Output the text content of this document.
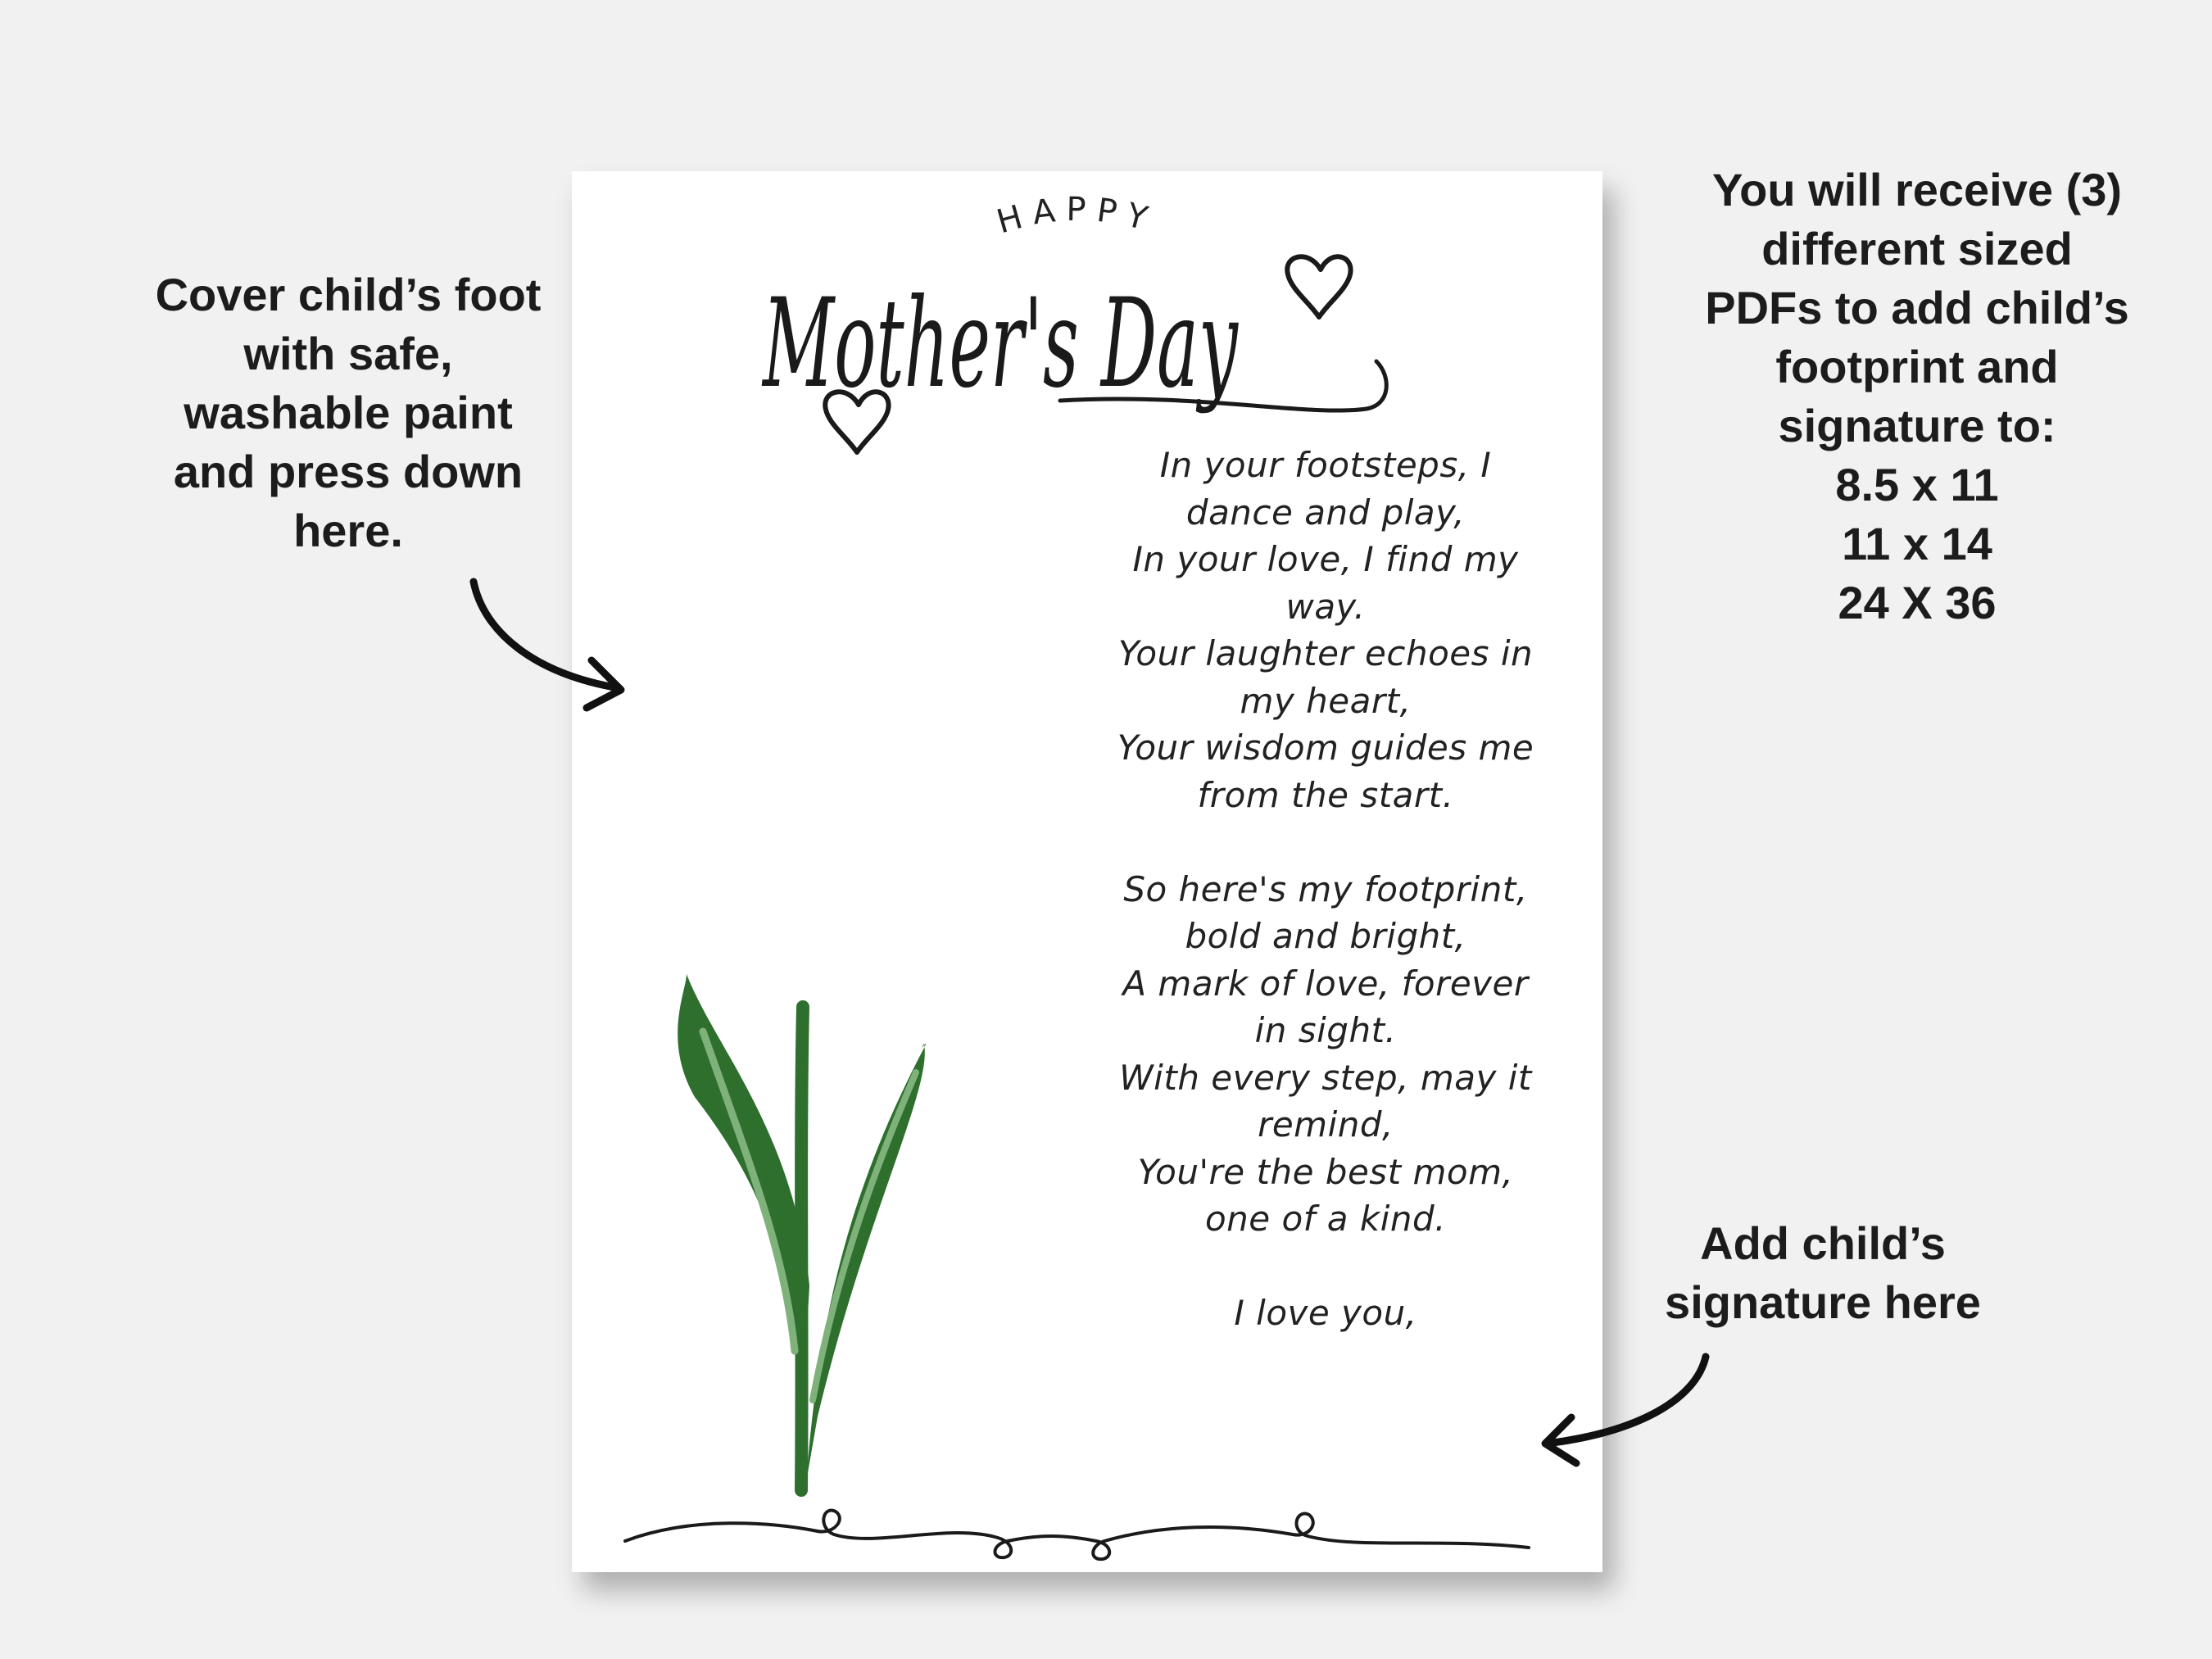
Cover child’s foot
with safe,
washable paint
and press down
here.

You will receive (3)
different sized
PDFs to add child’s
footprint and
signature to:
8.5 x 11
11 x 14
24 X 36

Add child’s
signature here

HAPPY
Mother's Day
In your footsteps, I
dance and play,
In your love, I find my
way.
Your laughter echoes in
my heart,
Your wisdom guides me
from the start.
So here's my footprint,
bold and bright,
A mark of love, forever
in sight.
With every step, may it
remind,
You're the best mom,
one of a kind.
I love you,
